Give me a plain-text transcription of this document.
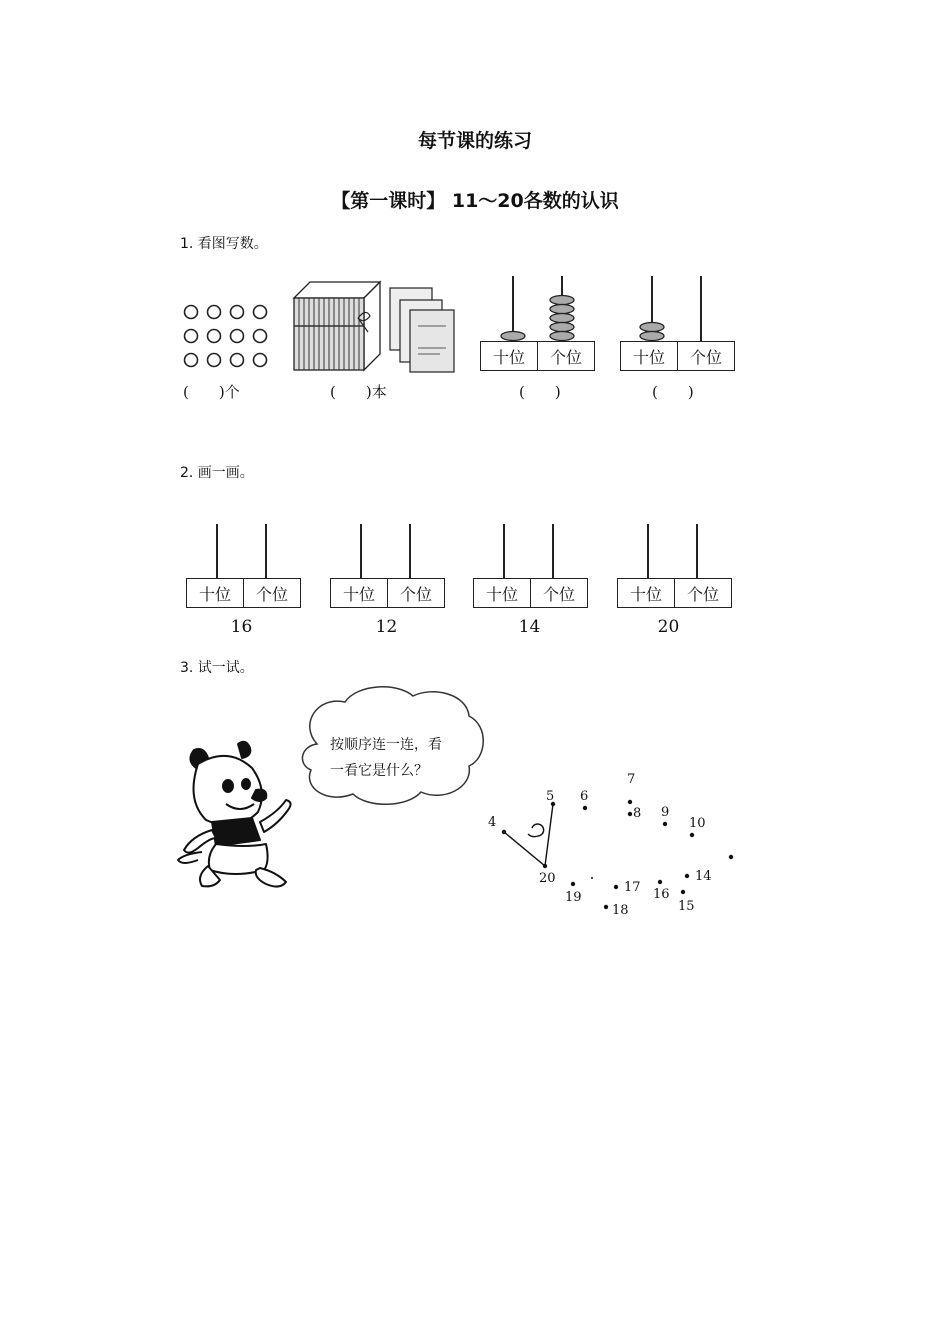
每节课的练习
【第一课时】 11～20各数的认识
1. 看图写数。
(　　)个	(　　)本
十位	个位
(　　)
十位	个位
(　　)
2. 画一画。
十位	个位
16
十位	个位
12
十位	个位
14
十位	个位
20
3. 试一试。
按顺序连一连，看
一看它是什么？
4
5 6
7
8 9
10
14
15
16
17
18
19
20
